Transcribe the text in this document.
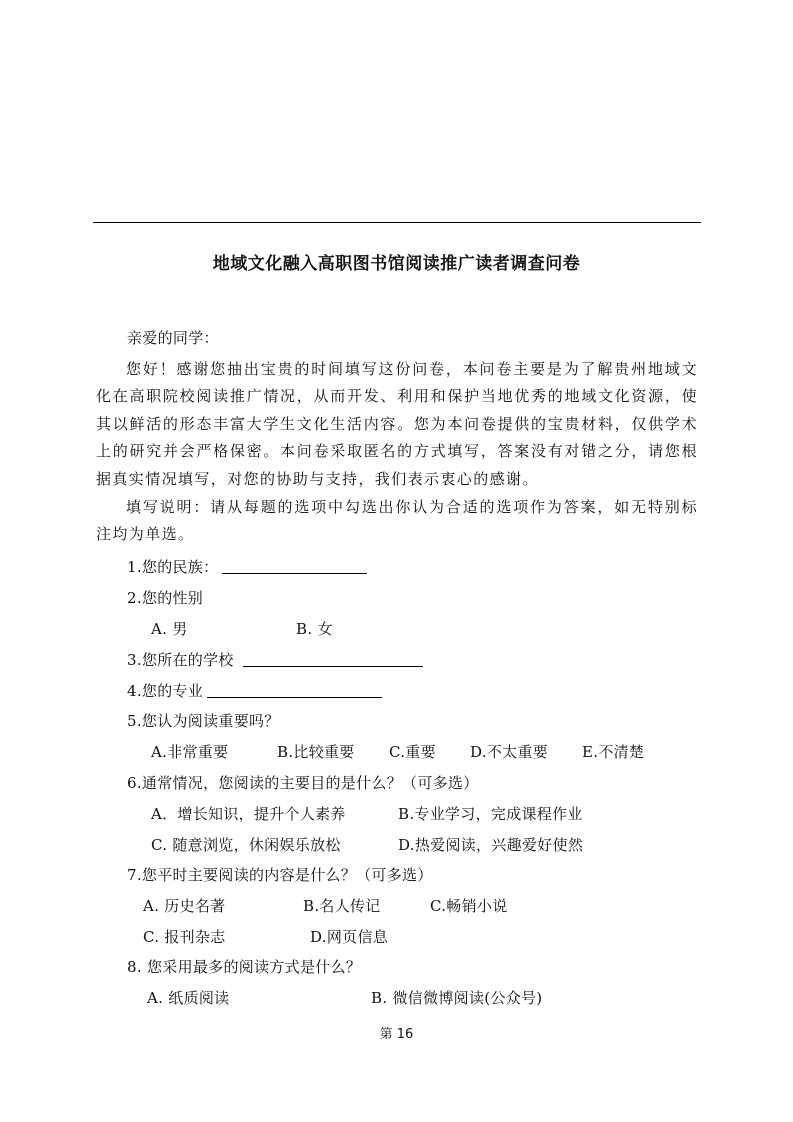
地域文化融入高职图书馆阅读推广读者调查问卷
亲爱的同学：
您好！感谢您抽出宝贵的时间填写这份问卷，本问卷主要是为了解贵州地域文化在高职院校阅读推广情况，从而开发、利用和保护当地优秀的地域文化资源，使其以鲜活的形态丰富大学生文化生活内容。您为本问卷提供的宝贵材料，仅供学术上的研究并会严格保密。本问卷采取匿名的方式填写，答案没有对错之分，请您根据真实情况填写，对您的协助与支持，我们表示衷心的感谢。
填写说明：请从每题的选项中勾选出你认为合适的选项作为答案，如无特别标注均为单选。
1.您的民族：
2.您的性别
A. 男	B. 女
3.您所在的学校
4.您的专业
5.您认为阅读重要吗？
A.非常重要	B.比较重要 C.重要 D.不太重要 E.不清楚
6.通常情况，您阅读的主要目的是什么？（可多选）
A．增长知识，提升个人素养	B.专业学习，完成课程作业
C. 随意浏览，休闲娱乐放松	D.热爱阅读，兴趣爱好使然
7.您平时主要阅读的内容是什么？（可多选）
A. 历史名著	B.名人传记	C.畅销小说
C. 报刊杂志	D.网页信息
8. 您采用最多的阅读方式是什么？
A. 纸质阅读	B. 微信微博阅读(公众号)
第 16
